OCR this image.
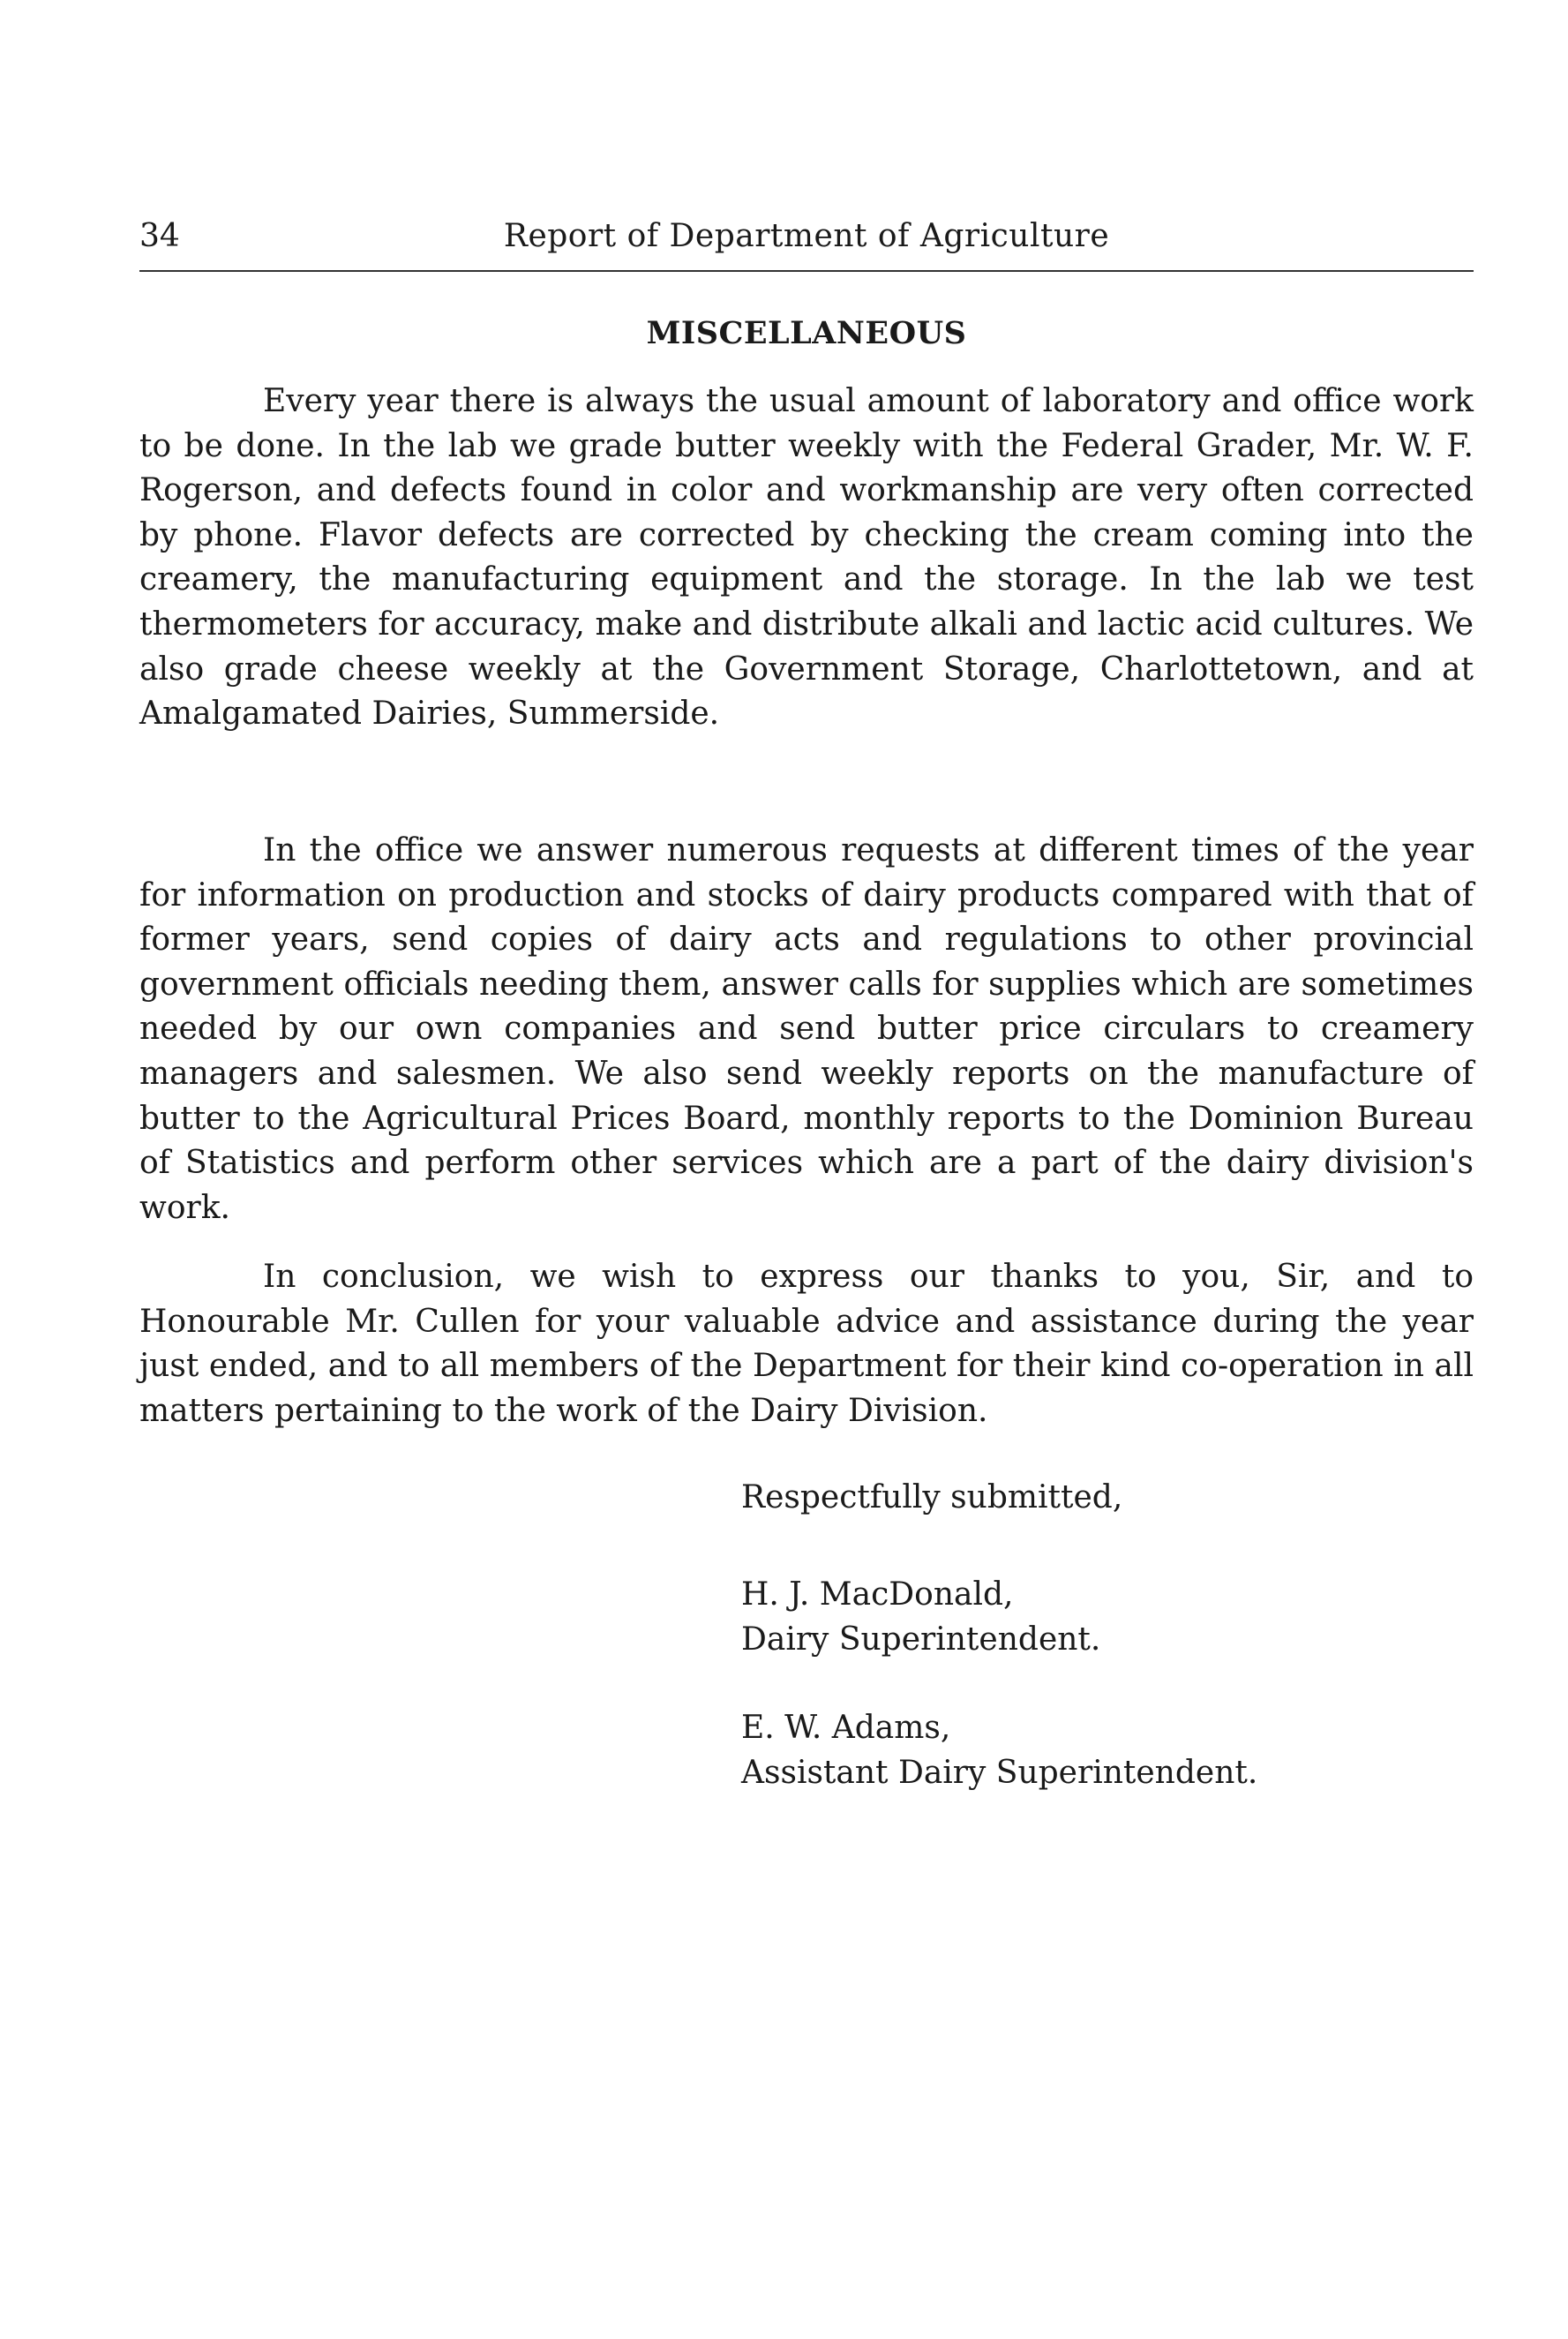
34	Report of Department of Agriculture
MISCELLANEOUS

Every year there is always the usual amount of laboratory and office work to be done. In the lab we grade butter weekly with the Federal Grader, Mr. W. F. Rogerson, and defects found in color and workmanship are very often corrected by phone. Flavor defects are corrected by checking the cream coming into the creamery, the manufacturing equipment and the storage. In the lab we test thermometers for accuracy, make and distribute alkali and lactic acid cultures. We also grade cheese weekly at the Government Storage, Charlottetown, and at Amalgamated Dairies, Summerside.

In the office we answer numerous requests at different times of the year for information on production and stocks of dairy products compared with that of former years, send copies of dairy acts and regulations to other provincial government officials needing them, answer calls for supplies which are sometimes needed by our own companies and send butter price circulars to creamery managers and salesmen. We also send weekly reports on the manufacture of butter to the Agricultural Prices Board, monthly reports to the Dominion Bureau of Statistics and perform other services which are a part of the dairy division's work.

In conclusion, we wish to express our thanks to you, Sir, and to Honourable Mr. Cullen for your valuable advice and assistance during the year just ended, and to all members of the Department for their kind co-operation in all matters pertaining to the work of the Dairy Division.

Respectfully submitted,
H. J. MacDonald,
Dairy Superintendent.
E. W. Adams,
Assistant Dairy Superintendent.
